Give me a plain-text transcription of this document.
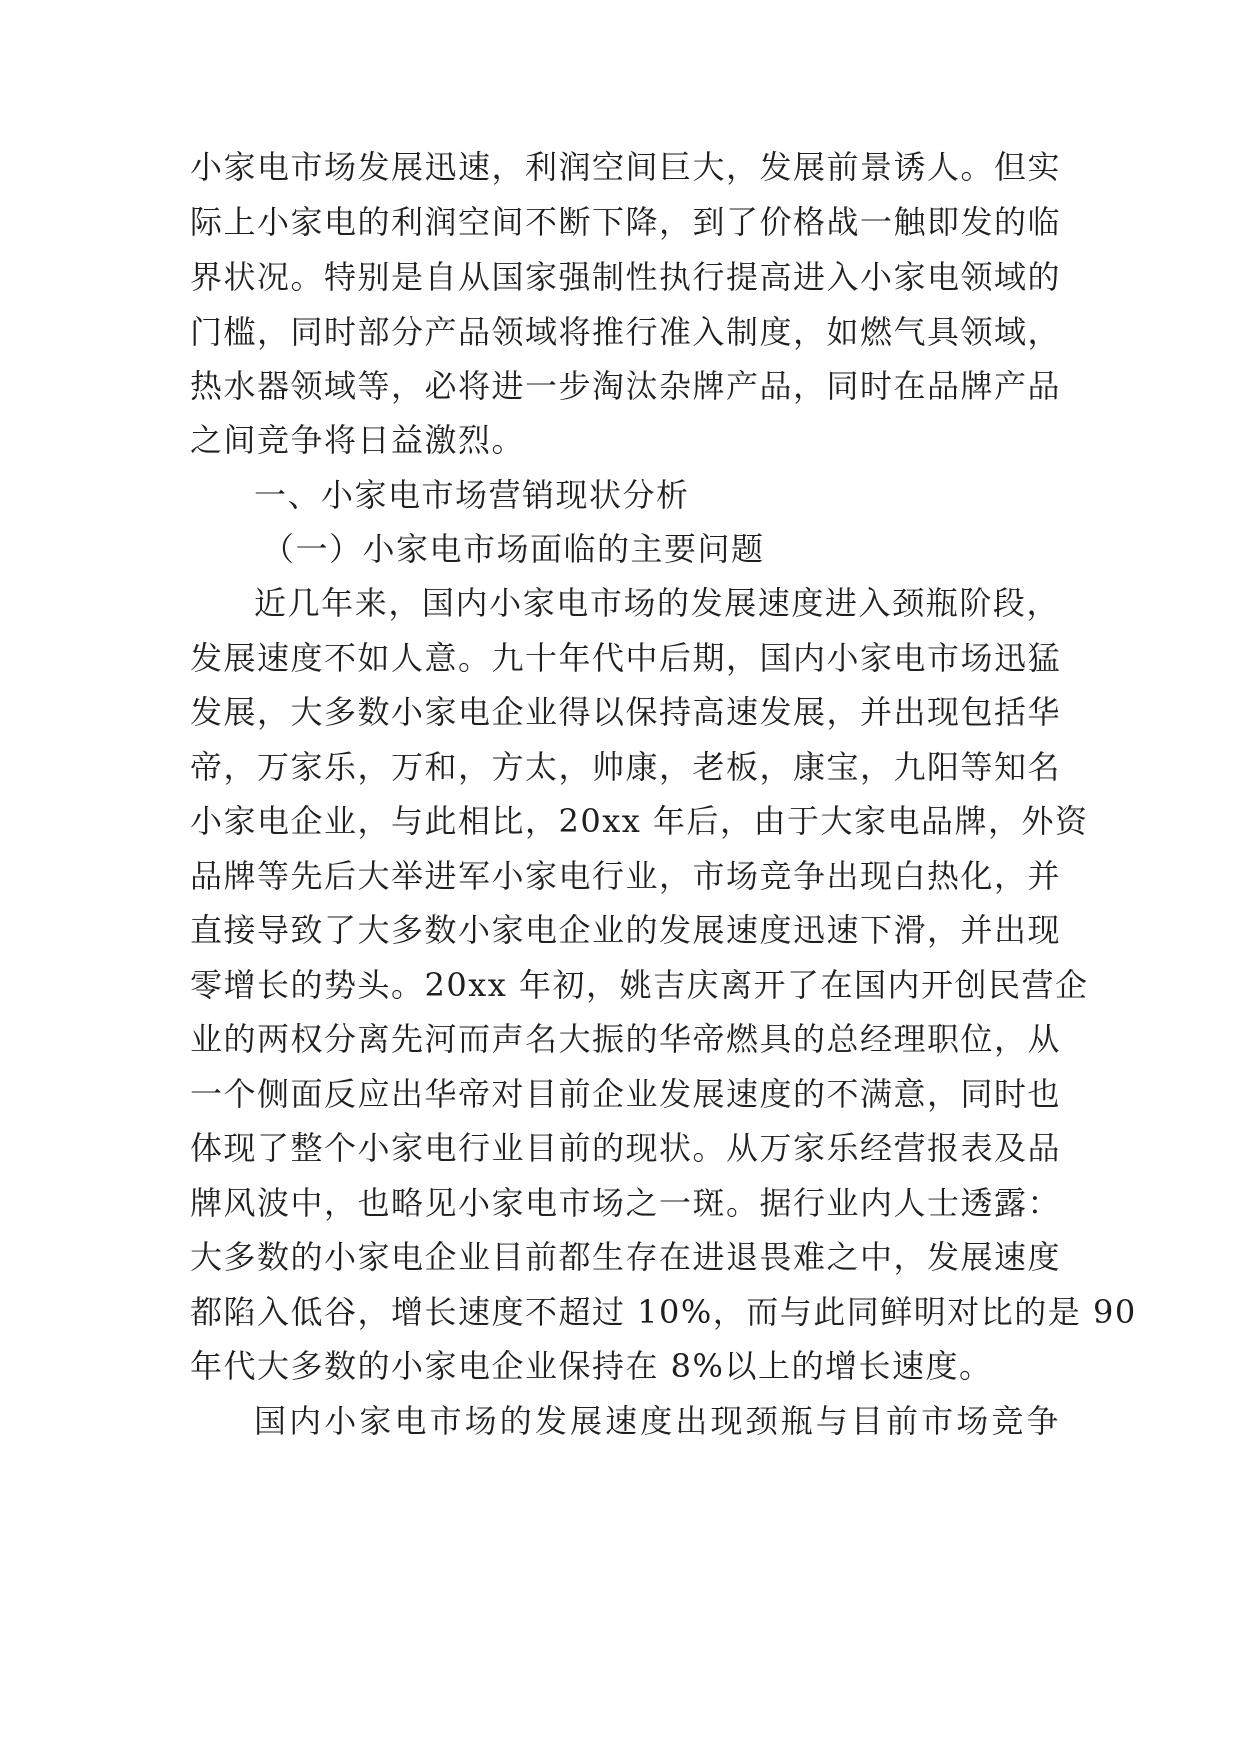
小家电市场发展迅速，利润空间巨大，发展前景诱人。但实
际上小家电的利润空间不断下降，到了价格战一触即发的临
界状况。特别是自从国家强制性执行提高进入小家电领域的
门槛，同时部分产品领域将推行准入制度，如燃气具领域，
热水器领域等，必将进一步淘汰杂牌产品，同时在品牌产品
之间竞争将日益激烈。
一、小家电市场营销现状分析
（一）小家电市场面临的主要问题
近几年来，国内小家电市场的发展速度进入颈瓶阶段，
发展速度不如人意。九十年代中后期，国内小家电市场迅猛
发展，大多数小家电企业得以保持高速发展，并出现包括华
帝，万家乐，万和，方太，帅康，老板，康宝，九阳等知名
小家电企业，与此相比，20xx 年后，由于大家电品牌，外资
品牌等先后大举进军小家电行业，市场竞争出现白热化，并
直接导致了大多数小家电企业的发展速度迅速下滑，并出现
零增长的势头。20xx 年初，姚吉庆离开了在国内开创民营企
业的两权分离先河而声名大振的华帝燃具的总经理职位，从
一个侧面反应出华帝对目前企业发展速度的不满意，同时也
体现了整个小家电行业目前的现状。从万家乐经营报表及品
牌风波中，也略见小家电市场之一斑。据行业内人士透露：
大多数的小家电企业目前都生存在进退畏难之中，发展速度
都陷入低谷，增长速度不超过 10%，而与此同鲜明对比的是 90
年代大多数的小家电企业保持在 8%以上的增长速度。
国内小家电市场的发展速度出现颈瓶与目前市场竞争
